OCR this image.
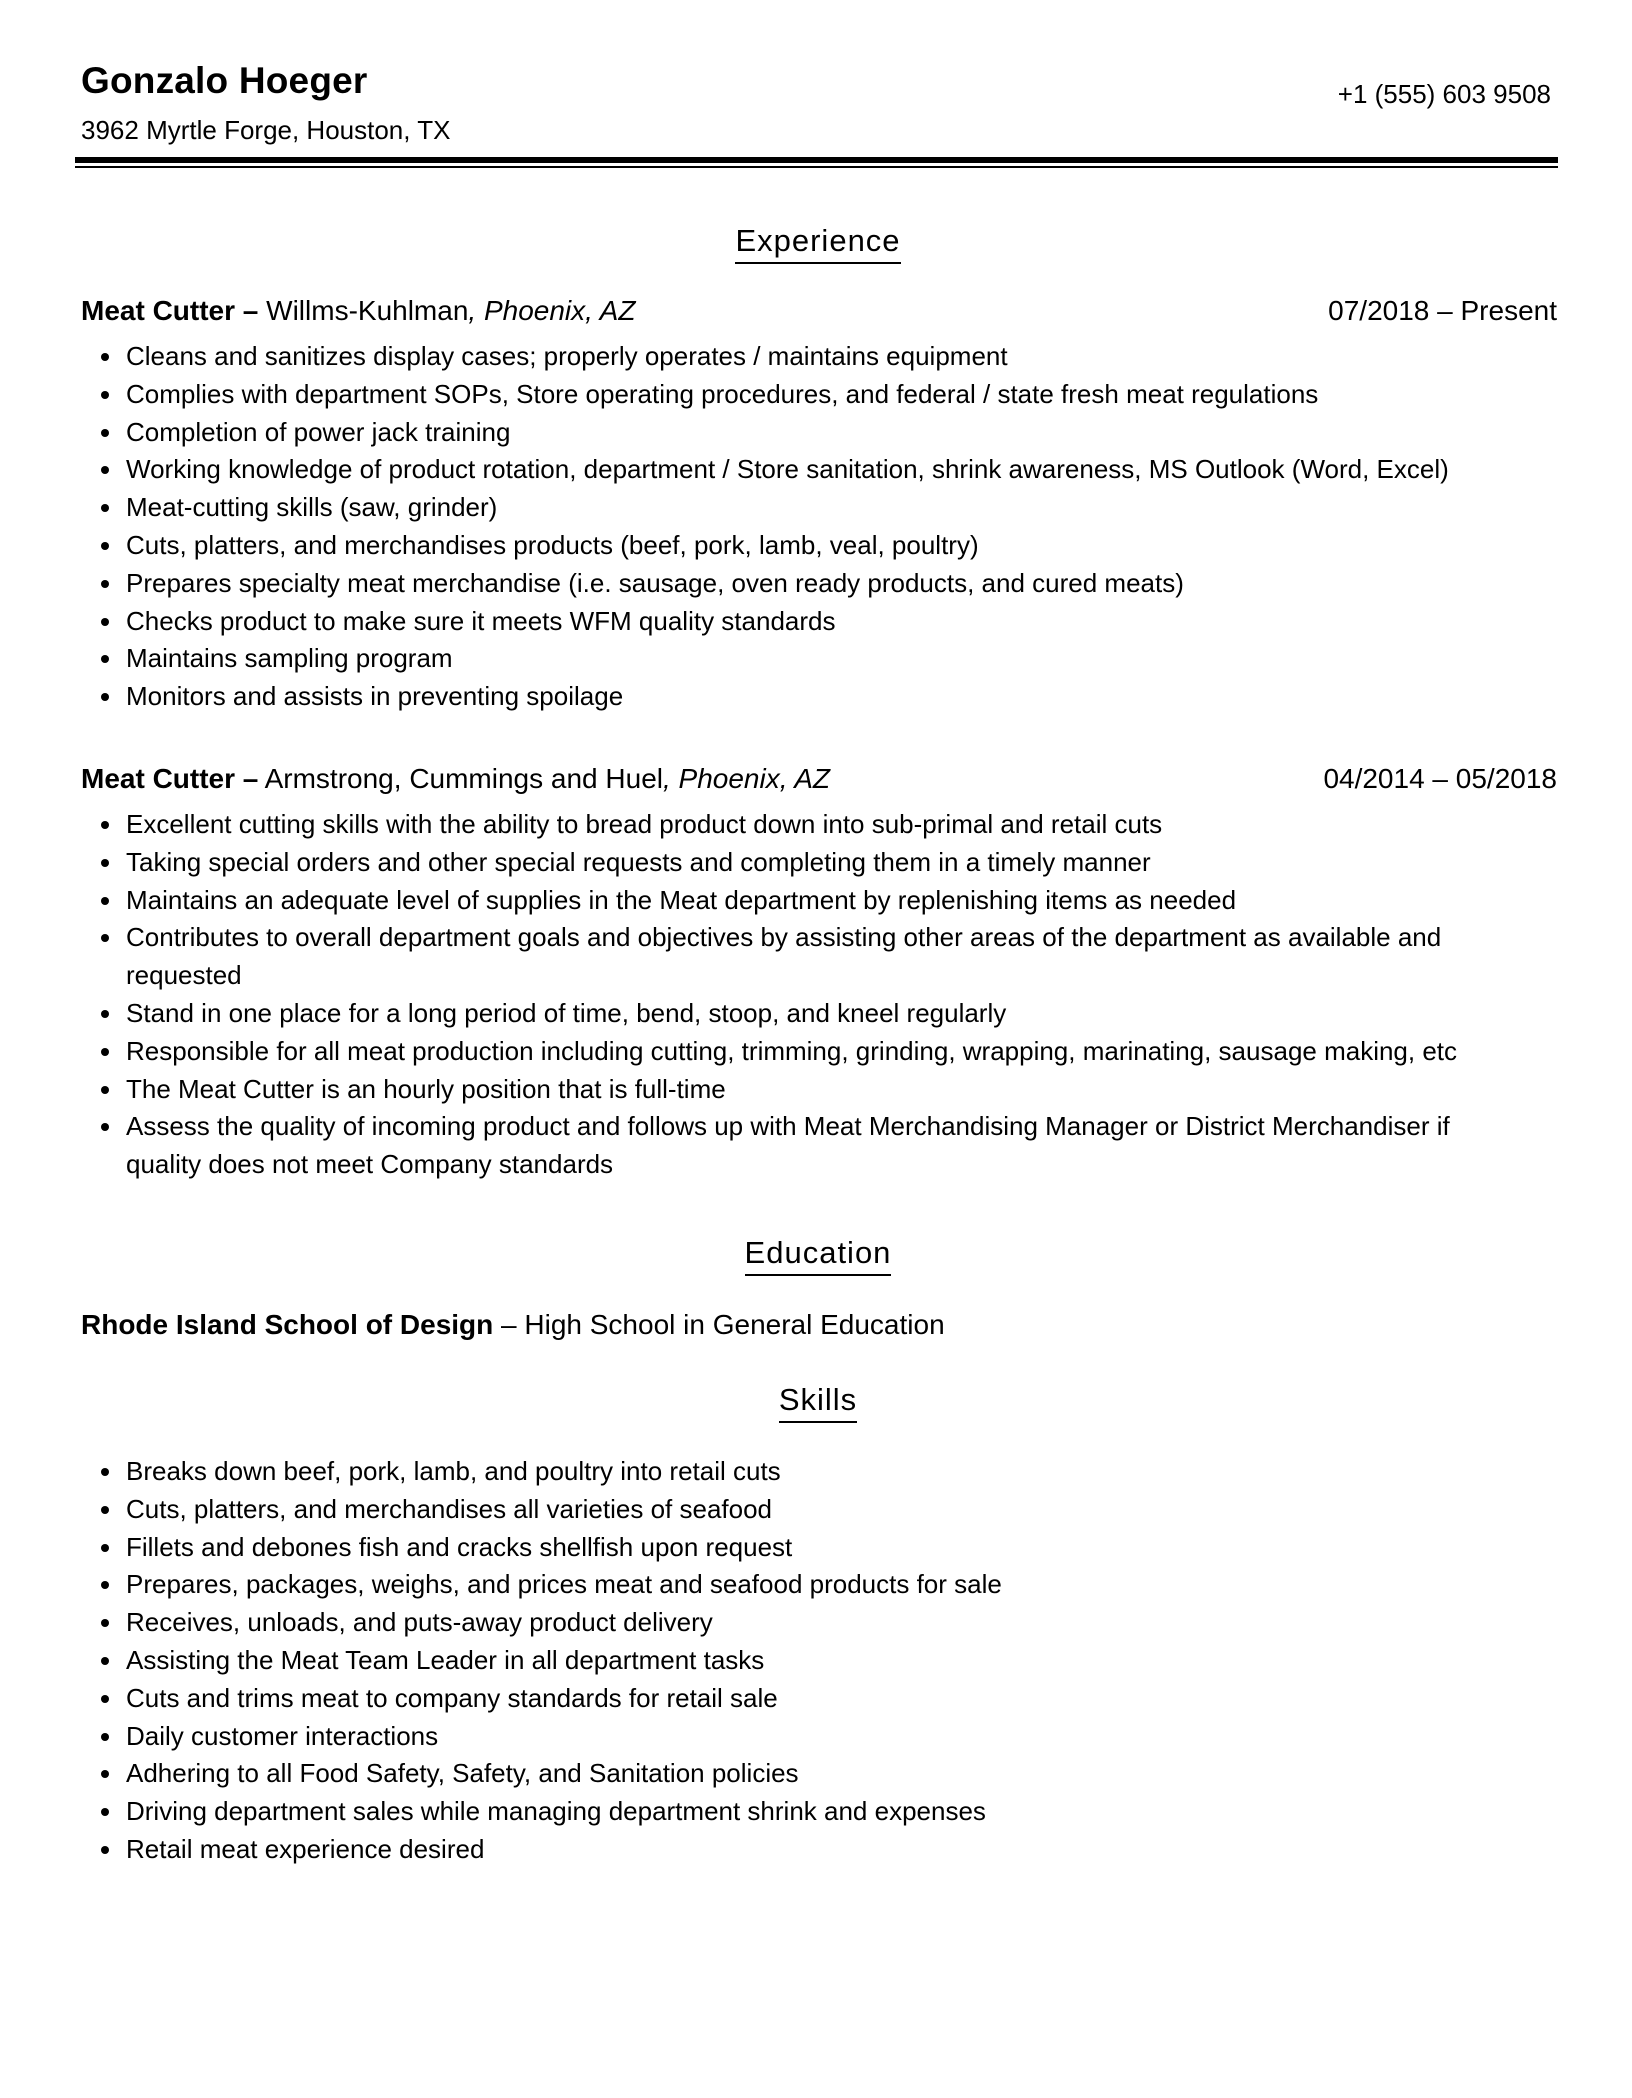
Gonzalo Hoeger
3962 Myrtle Forge, Houston, TX
+1 (555) 603 9508
Experience
Meat Cutter – Willms-Kuhlman, Phoenix, AZ	07/2018 – Present
Cleans and sanitizes display cases; properly operates / maintains equipment
Complies with department SOPs, Store operating procedures, and federal / state fresh meat regulations
Completion of power jack training
Working knowledge of product rotation, department / Store sanitation, shrink awareness, MS Outlook (Word, Excel)
Meat-cutting skills (saw, grinder)
Cuts, platters, and merchandises products (beef, pork, lamb, veal, poultry)
Prepares specialty meat merchandise (i.e. sausage, oven ready products, and cured meats)
Checks product to make sure it meets WFM quality standards
Maintains sampling program
Monitors and assists in preventing spoilage
Meat Cutter – Armstrong, Cummings and Huel, Phoenix, AZ	04/2014 – 05/2018
Excellent cutting skills with the ability to bread product down into sub-primal and retail cuts
Taking special orders and other special requests and completing them in a timely manner
Maintains an adequate level of supplies in the Meat department by replenishing items as needed
Contributes to overall department goals and objectives by assisting other areas of the department as available and requested
Stand in one place for a long period of time, bend, stoop, and kneel regularly
Responsible for all meat production including cutting, trimming, grinding, wrapping, marinating, sausage making, etc
The Meat Cutter is an hourly position that is full-time
Assess the quality of incoming product and follows up with Meat Merchandising Manager or District Merchandiser if quality does not meet Company standards
Education
Rhode Island School of Design – High School in General Education
Skills
Breaks down beef, pork, lamb, and poultry into retail cuts
Cuts, platters, and merchandises all varieties of seafood
Fillets and debones fish and cracks shellfish upon request
Prepares, packages, weighs, and prices meat and seafood products for sale
Receives, unloads, and puts-away product delivery
Assisting the Meat Team Leader in all department tasks
Cuts and trims meat to company standards for retail sale
Daily customer interactions
Adhering to all Food Safety, Safety, and Sanitation policies
Driving department sales while managing department shrink and expenses
Retail meat experience desired
